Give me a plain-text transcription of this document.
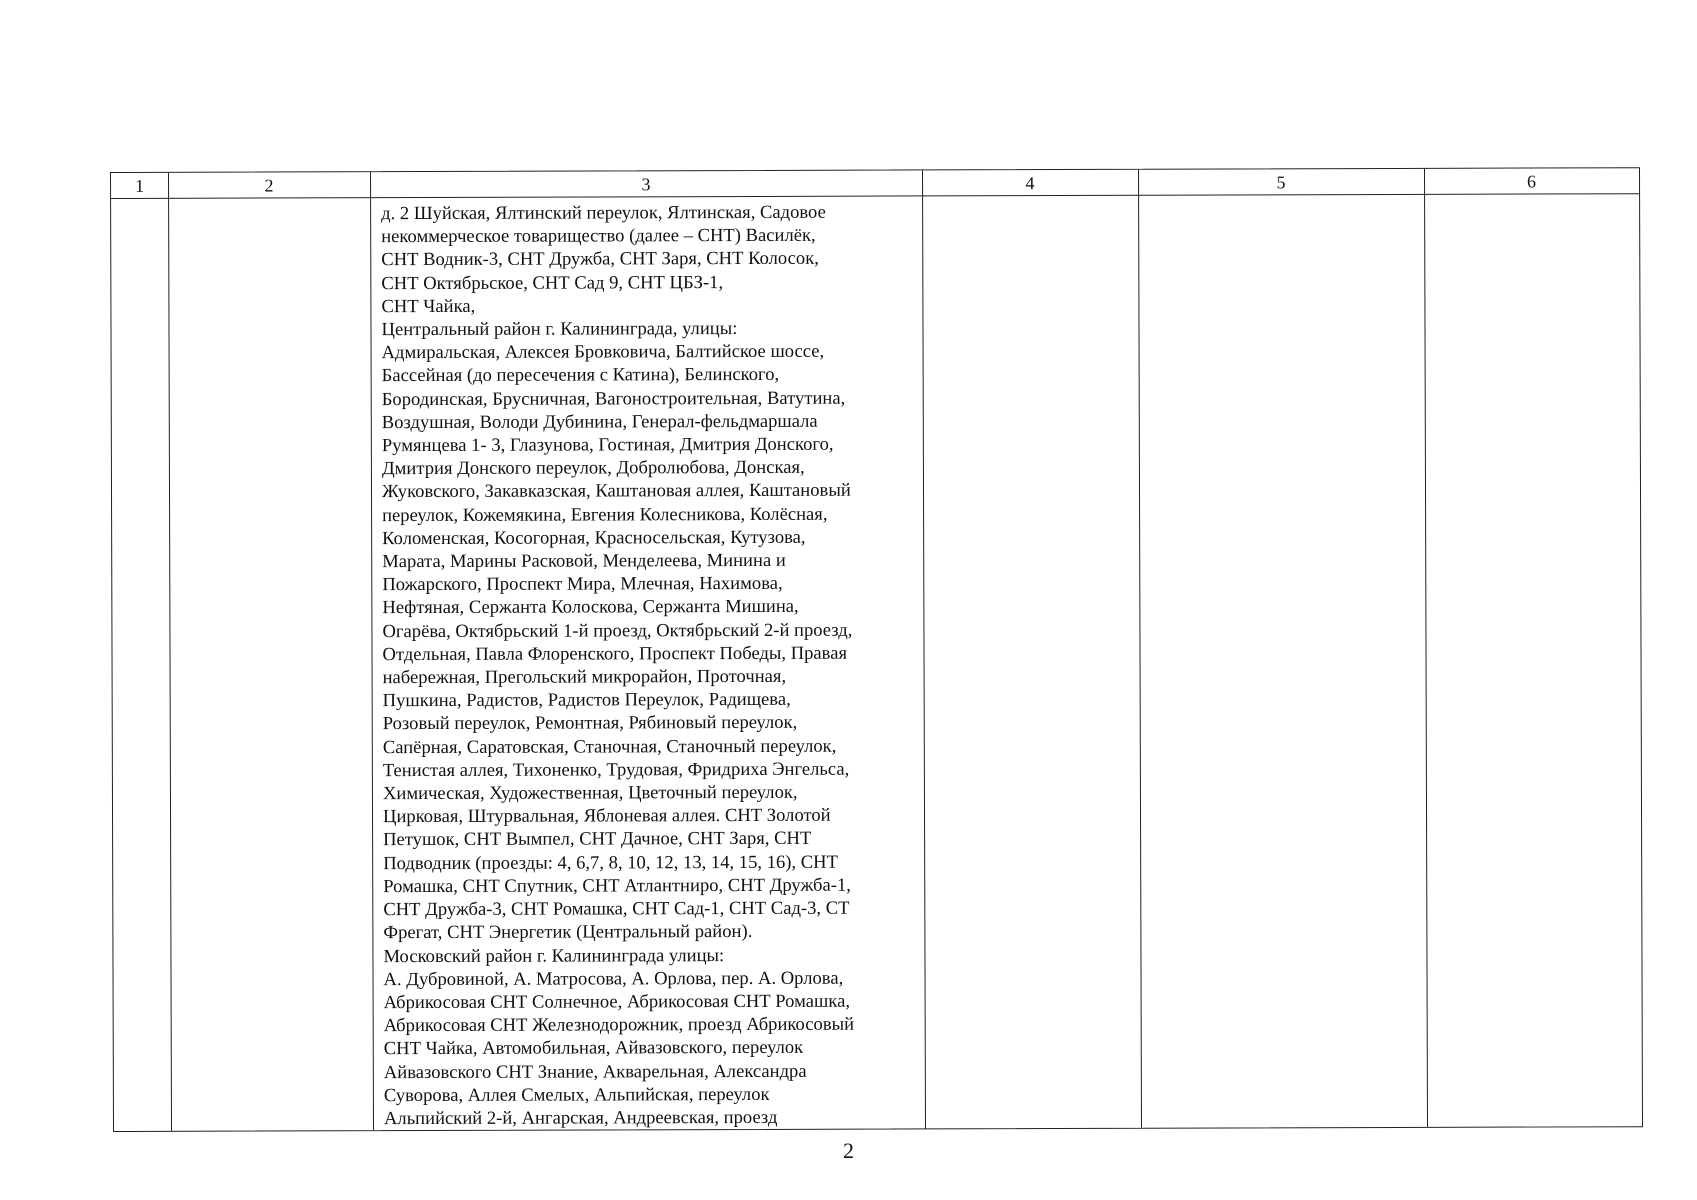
1	2	3	4	5	6
д. 2 Шуйская, Ялтинский переулок, Ялтинская, Садовое
некоммерческое товарищество (далее – СНТ) Василёк,
СНТ Водник-3, СНТ Дружба, СНТ Заря, СНТ Колосок,
СНТ Октябрьское, СНТ Сад 9, СНТ ЦБЗ-1,
СНТ Чайка,
Центральный район г. Калининграда, улицы:
Адмиральская, Алексея Бровковича, Балтийское шоссе,
Бассейная (до пересечения с Катина), Белинского,
Бородинская, Брусничная, Вагоностроительная, Ватутина,
Воздушная, Володи Дубинина, Генерал-фельдмаршала
Румянцева 1- 3, Глазунова, Гостиная, Дмитрия Донского,
Дмитрия Донского переулок, Добролюбова, Донская,
Жуковского, Закавказская, Каштановая аллея, Каштановый
переулок, Кожемякина, Евгения Колесникова, Колёсная,
Коломенская, Косогорная, Красносельская, Кутузова,
Марата, Марины Расковой, Менделеева, Минина и
Пожарского, Проспект Мира, Млечная, Нахимова,
Нефтяная, Сержанта Колоскова, Сержанта Мишина,
Огарёва, Октябрьский 1-й проезд, Октябрьский 2-й проезд,
Отдельная, Павла Флоренского, Проспект Победы, Правая
набережная, Прегольский микрорайон, Проточная,
Пушкина, Радистов, Радистов Переулок, Радищева,
Розовый переулок, Ремонтная, Рябиновый переулок,
Сапёрная, Саратовская, Станочная, Станочный переулок,
Тенистая аллея, Тихоненко, Трудовая, Фридриха Энгельса,
Химическая, Художественная, Цветочный переулок,
Цирковая, Штурвальная, Яблоневая аллея. СНТ Золотой
Петушок, СНТ Вымпел, СНТ Дачное, СНТ Заря, СНТ
Подводник (проезды: 4, 6,7, 8, 10, 12, 13, 14, 15, 16), СНТ
Ромашка, СНТ Спутник, СНТ Атлантниро, СНТ Дружба-1,
СНТ Дружба-3, СНТ Ромашка, СНТ Сад-1, СНТ Сад-3, СТ
Фрегат, СНТ Энергетик (Центральный район).
Московский район г. Калининграда улицы:
А. Дубровиной, А. Матросова, А. Орлова, пер. А. Орлова,
Абрикосовая СНТ Солнечное, Абрикосовая СНТ Ромашка,
Абрикосовая СНТ Железнодорожник, проезд Абрикосовый
СНТ Чайка, Автомобильная, Айвазовского, переулок
Айвазовского СНТ Знание, Акварельная, Александра
Суворова, Аллея Смелых, Альпийская, переулок
Альпийский 2-й, Ангарская, Андреевская, проезд
2
